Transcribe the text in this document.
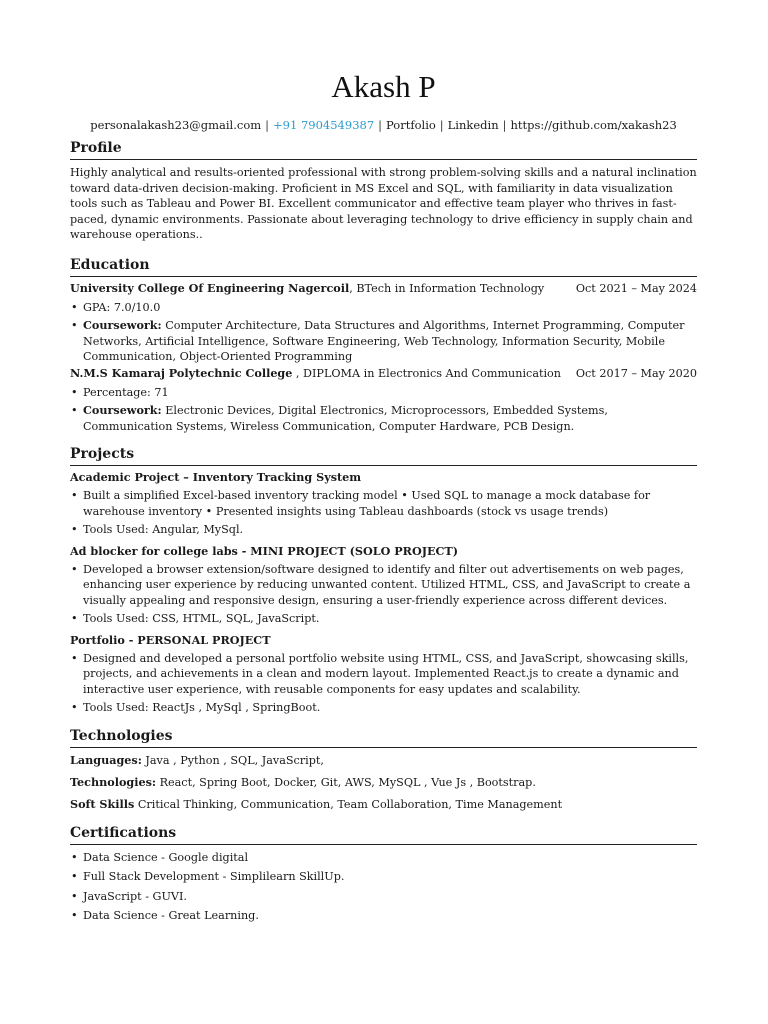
Akash P
personalakash23@gmail.com | +91 7904549387 | Portfolio | Linkedin | https://github.com/xakash23
Profile

Highly analytical and results-oriented professional with strong problem-solving skills and a natural inclination toward data-driven decision-making. Proficient in MS Excel and SQL, with familiarity in data visualization tools such as Tableau and Power BI. Excellent communicator and effective team player who thrives in fast-paced, dynamic environments. Passionate about leveraging technology to drive efficiency in supply chain and warehouse operations..

Education
University College Of Engineering Nagercoil, BTech in Information Technology	Oct 2021 – May 2024
• GPA: 7.0/10.0
• Coursework: Computer Architecture, Data Structures and Algorithms, Internet Programming, Computer Networks, Artificial Intelligence, Software Engineering, Web Technology, Information Security, Mobile Communication, Object-Oriented Programming
N.M.S Kamaraj Polytechnic College , DIPLOMA in Electronics And Communication Oct 2017 – May 2020
• Percentage: 71
• Coursework: Electronic Devices, Digital Electronics, Microprocessors, Embedded Systems, Communication Systems, Wireless Communication, Computer Hardware, PCB Design.
Projects
Academic Project – Inventory Tracking System
• Built a simplified Excel-based inventory tracking model • Used SQL to manage a mock database for warehouse inventory • Presented insights using Tableau dashboards (stock vs usage trends)
• Tools Used: Angular, MySql.
Ad blocker for college labs - MINI PROJECT (SOLO PROJECT)
• Developed a browser extension/software designed to identify and filter out advertisements on web pages, enhancing user experience by reducing unwanted content. Utilized HTML, CSS, and JavaScript to create a visually appealing and responsive design, ensuring a user-friendly experience across different devices.
• Tools Used: CSS, HTML, SQL, JavaScript.
Portfolio - PERSONAL PROJECT
• Designed and developed a personal portfolio website using HTML, CSS, and JavaScript, showcasing skills, projects, and achievements in a clean and modern layout. Implemented React.js to create a dynamic and interactive user experience, with reusable components for easy updates and scalability.
• Tools Used: ReactJs , MySql , SpringBoot.
Technologies
Languages: Java , Python , SQL, JavaScript,
Technologies: React, Spring Boot, Docker, Git, AWS, MySQL , Vue Js , Bootstrap.
Soft Skills Critical Thinking, Communication, Team Collaboration, Time Management
Certifications
• Data Science - Google digital
• Full Stack Development - Simplilearn SkillUp.
• JavaScript - GUVI.
• Data Science - Great Learning.
